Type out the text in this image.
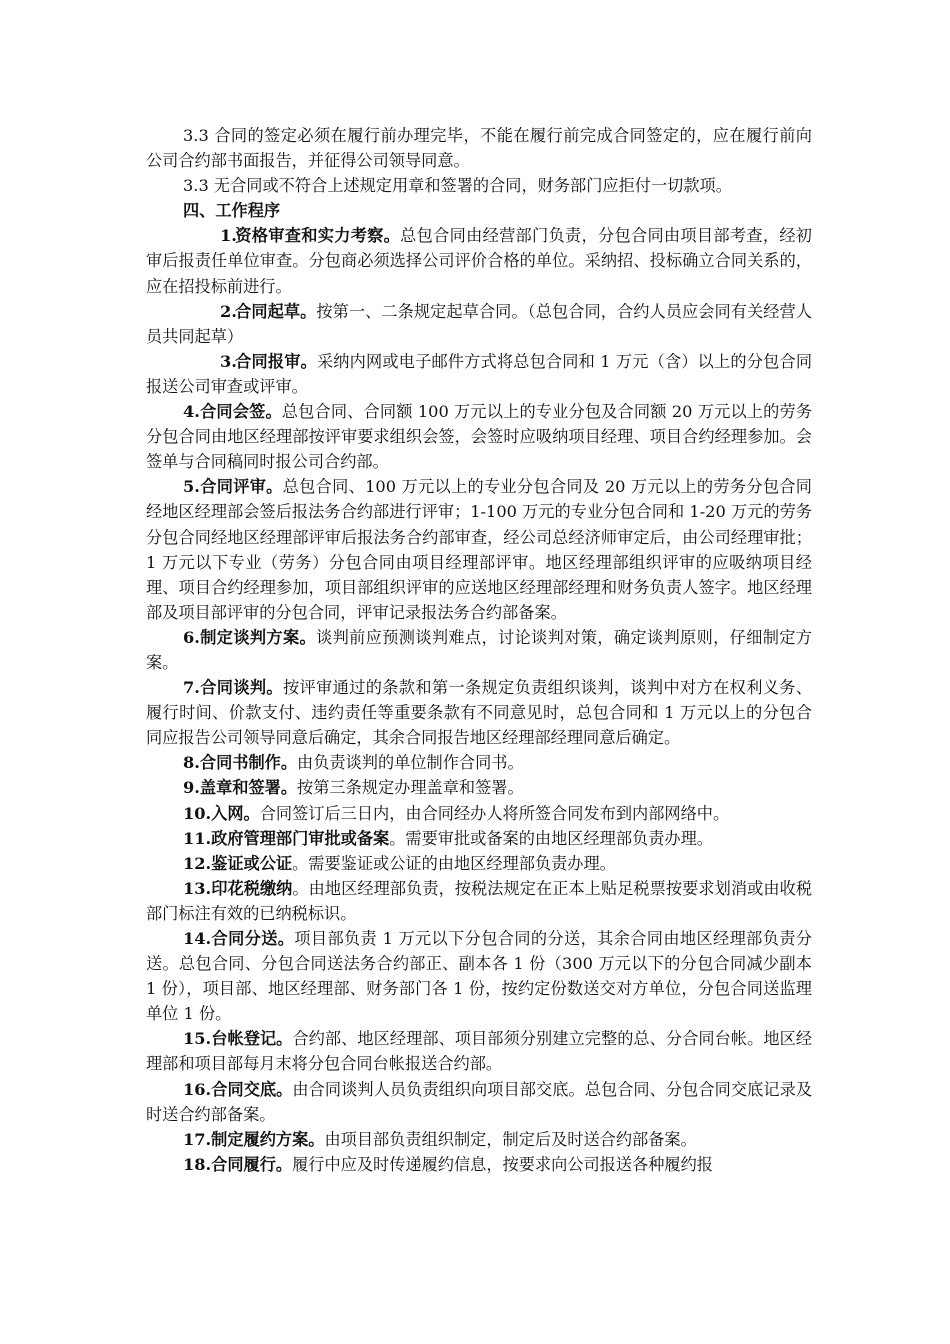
3.3 合同的签定必须在履行前办理完毕，不能在履行前完成合同签定的，应在履行前向公司合约部书面报告，并征得公司领导同意。

3.3 无合同或不符合上述规定用章和签署的合同，财务部门应拒付一切款项。

四、工作程序

1.资格审查和实力考察。总包合同由经营部门负责，分包合同由项目部考查，经初审后报责任单位审查。分包商必须选择公司评价合格的单位。采纳招、投标确立合同关系的，应在招投标前进行。

2.合同起草。按第一、二条规定起草合同。（总包合同，合约人员应会同有关经营人员共同起草）

3.合同报审。采纳内网或电子邮件方式将总包合同和 1 万元（含）以上的分包合同报送公司审查或评审。

4.合同会签。总包合同、合同额 100 万元以上的专业分包及合同额 20 万元以上的劳务分包合同由地区经理部按评审要求组织会签，会签时应吸纳项目经理、项目合约经理参加。会签单与合同稿同时报公司合约部。

5.合同评审。总包合同、100 万元以上的专业分包合同及 20 万元以上的劳务分包合同经地区经理部会签后报法务合约部进行评审；1-100 万元的专业分包合同和 1-20 万元的劳务分包合同经地区经理部评审后报法务合约部审查，经公司总经济师审定后，由公司经理审批；1 万元以下专业（劳务）分包合同由项目经理部评审。地区经理部组织评审的应吸纳项目经理、项目合约经理参加，项目部组织评审的应送地区经理部经理和财务负责人签字。地区经理部及项目部评审的分包合同，评审记录报法务合约部备案。

6.制定谈判方案。谈判前应预测谈判难点，讨论谈判对策，确定谈判原则，仔细制定方案。

7.合同谈判。按评审通过的条款和第一条规定负责组织谈判，谈判中对方在权利义务、履行时间、价款支付、违约责任等重要条款有不同意见时，总包合同和 1 万元以上的分包合同应报告公司领导同意后确定，其余合同报告地区经理部经理同意后确定。

8.合同书制作。由负责谈判的单位制作合同书。

9.盖章和签署。按第三条规定办理盖章和签署。

10.入网。合同签订后三日内，由合同经办人将所签合同发布到内部网络中。

11.政府管理部门审批或备案。需要审批或备案的由地区经理部负责办理。

12.鉴证或公证。需要鉴证或公证的由地区经理部负责办理。

13.印花税缴纳。由地区经理部负责，按税法规定在正本上贴足税票按要求划消或由收税部门标注有效的已纳税标识。

14.合同分送。项目部负责 1 万元以下分包合同的分送，其余合同由地区经理部负责分送。总包合同、分包合同送法务合约部正、副本各 1 份（300 万元以下的分包合同减少副本 1 份），项目部、地区经理部、财务部门各 1 份，按约定份数送交对方单位，分包合同送监理单位 1 份。

15.台帐登记。合约部、地区经理部、项目部须分别建立完整的总、分合同台帐。地区经理部和项目部每月末将分包合同台帐报送合约部。

16.合同交底。由合同谈判人员负责组织向项目部交底。总包合同、分包合同交底记录及时送合约部备案。

17.制定履约方案。由项目部负责组织制定，制定后及时送合约部备案。

18.合同履行。履行中应及时传递履约信息，按要求向公司报送各种履约报
